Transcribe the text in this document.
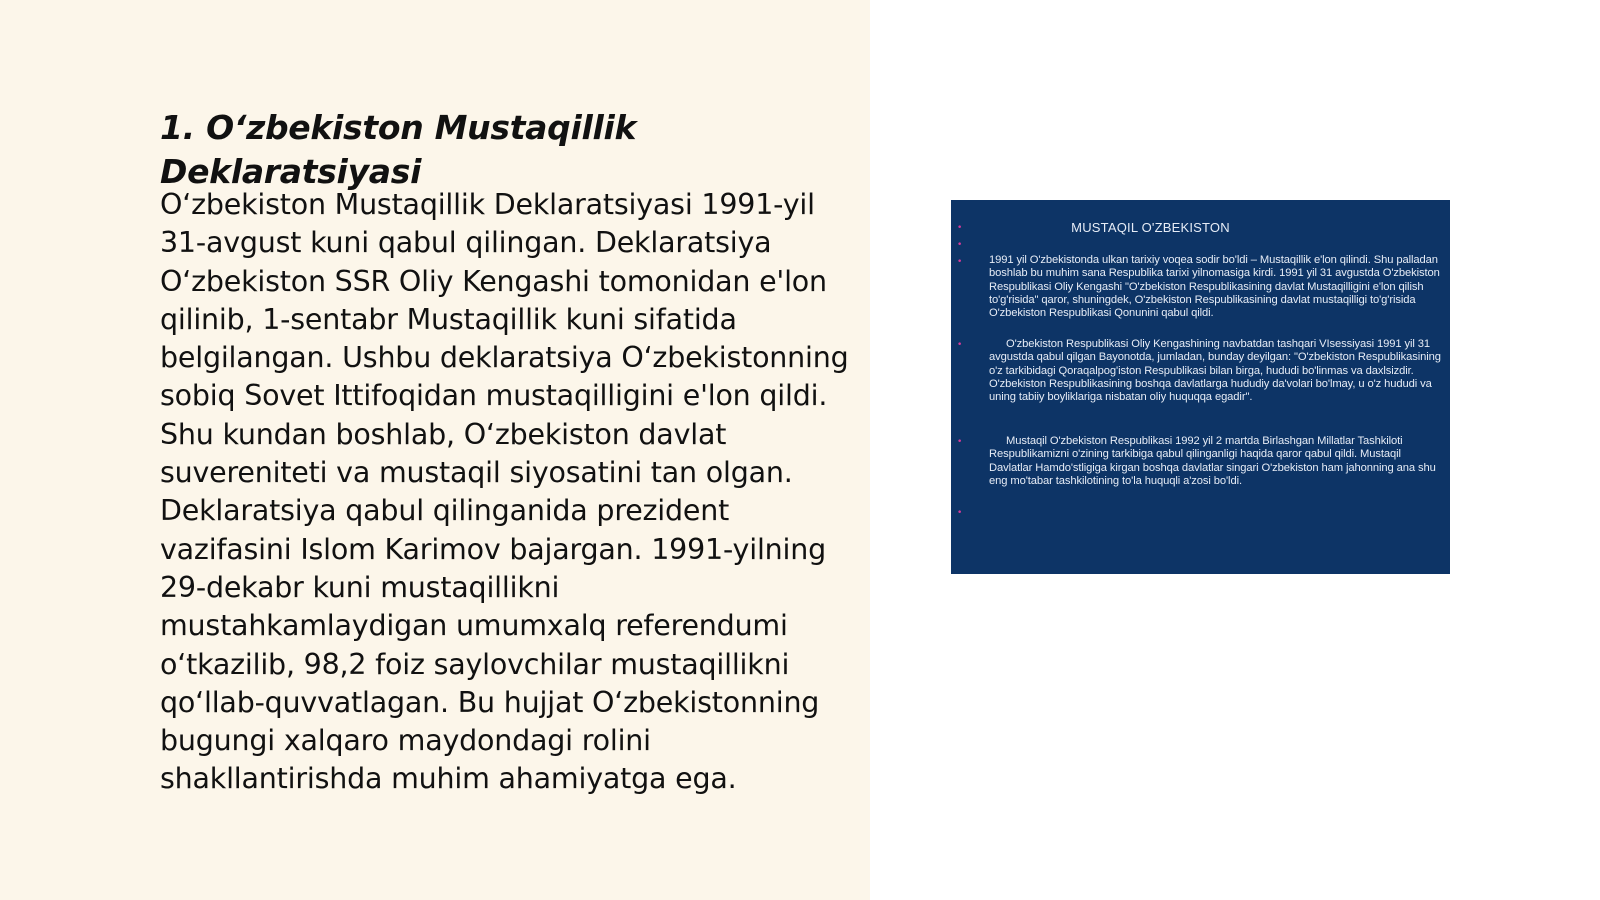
1. O‘zbekiston Mustaqillik Deklaratsiyasi

O‘zbekiston Mustaqillik Deklaratsiyasi 1991-yil 31-avgust kuni qabul qilingan. Deklaratsiya O‘zbekiston SSR Oliy Kengashi tomonidan e'lon qilinib, 1-sentabr Mustaqillik kuni sifatida belgilangan. Ushbu deklaratsiya O‘zbekistonning sobiq Sovet Ittifoqidan mustaqilligini e'lon qildi. Shu kundan boshlab, O‘zbekiston davlat suvereniteti va mustaqil siyosatini tan olgan. Deklaratsiya qabul qilinganida prezident vazifasini Islom Karimov bajargan. 1991-yilning 29-dekabr kuni mustaqillikni mustahkamlaydigan umumxalq referendumi o‘tkazilib, 98,2 foiz saylovchilar mustaqillikni qo‘llab-quvvatlagan. Bu hujjat O‘zbekistonning bugungi xalqaro maydondagi rolini shakllantirishda muhim ahamiyatga ega.

•	MUSTAQIL O'ZBEKISTON
•
• 1991 yil O'zbekistonda ulkan tarixiy voqea sodir bo'ldi – Mustaqillik e'lon qilindi. Shu palladan boshlab bu muhim sana Respublika tarixi yilnomasiga kirdi. 1991 yil 31 avgustda O'zbekiston Respublikasi Oliy Kengashi "O'zbekiston Respublikasining davlat Mustaqilligini e'lon qilish to'g'risida" qaror, shuningdek, O'zbekiston Respublikasining davlat mustaqilligi to'g'risida O'zbekiston Respublikasi Qonunini qabul qildi.

•	O'zbekiston Respublikasi Oliy Kengashining navbatdan tashqari VIsessiyasi 1991 yil 31 avgustda qabul qilgan Bayonotda, jumladan, bunday deyilgan: "O'zbekiston Respublikasining o'z tarkibidagi Qoraqalpog'iston Respublikasi bilan birga, hududi bo'linmas va daxlsizdir. O'zbekiston Respublikasining boshqa davlatlarga hududiy da'volari bo'lmay, u o'z hududi va uning tabiiy boyliklariga nisbatan oliy huquqqa egadir".

•	Mustaqil O'zbekiston Respublikasi 1992 yil 2 martda Birlashgan Millatlar Tashkiloti Respublikamizni o'zining tarkibiga qabul qilinganligi haqida qaror qabul qildi. Mustaqil Davlatlar Hamdo'stligiga kirgan boshqa davlatlar singari O'zbekiston ham jahonning ana shu eng mo'tabar tashkilotining to'la huquqli a'zosi bo'ldi.

•
